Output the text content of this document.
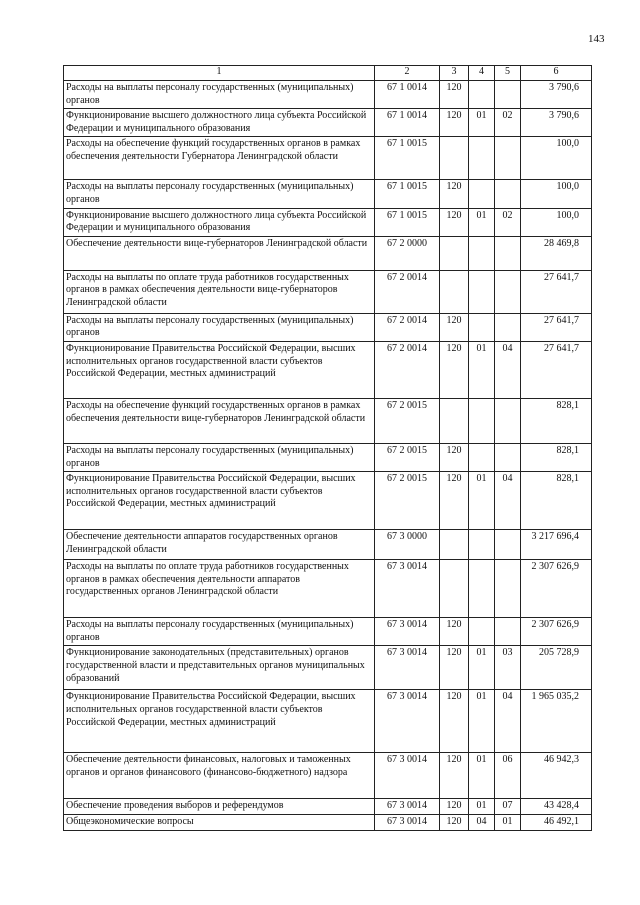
143
1	2	3	4	5	6
Расходы на выплаты персоналу государственных (муниципальных) органов	67 1 0014	120			3 790,6
Функционирование высшего должностного лица субъекта Российской Федерации и муниципального образования	67 1 0014	120	01	02	3 790,6
Расходы на обеспечение функций государственных органов в рамках обеспечения деятельности Губернатора Ленинградской области	67 1 0015				100,0
Расходы на выплаты персоналу государственных (муниципальных) органов	67 1 0015	120			100,0
Функционирование высшего должностного лица субъекта Российской Федерации и муниципального образования	67 1 0015	120	01	02	100,0
Обеспечение деятельности вице-губернаторов Ленинградской области	67 2 0000				28 469,8
Расходы на выплаты по оплате труда работников государственных органов в рамках обеспечения деятельности вице-губернаторов Ленинградской области	67 2 0014				27 641,7
Расходы на выплаты персоналу государственных (муниципальных) органов	67 2 0014	120			27 641,7
Функционирование Правительства Российской Федерации, высших исполнительных органов государственной власти субъектов Российской Федерации, местных администраций	67 2 0014	120	01	04	27 641,7
Расходы на обеспечение функций государственных органов в рамках обеспечения деятельности вице-губернаторов Ленинградской области	67 2 0015				828,1
Расходы на выплаты персоналу государственных (муниципальных) органов	67 2 0015	120			828,1
Функционирование Правительства Российской Федерации, высших исполнительных органов государственной власти субъектов Российской Федерации, местных администраций	67 2 0015	120	01	04	828,1
Обеспечение деятельности аппаратов государственных органов Ленинградской области	67 3 0000				3 217 696,4
Расходы на выплаты по оплате труда работников государственных органов в рамках обеспечения деятельности аппаратов государственных органов Ленинградской области	67 3 0014				2 307 626,9
Расходы на выплаты персоналу государственных (муниципальных) органов	67 3 0014	120			2 307 626,9
Функционирование законодательных (представительных) органов государственной власти и представительных органов муниципальных образований	67 3 0014	120	01	03	205 728,9
Функционирование Правительства Российской Федерации, высших исполнительных органов государственной власти субъектов Российской Федерации, местных администраций	67 3 0014	120	01	04	1 965 035,2
Обеспечение деятельности финансовых, налоговых и таможенных органов и органов финансового (финансово-бюджетного) надзора	67 3 0014	120	01	06	46 942,3
Обеспечение проведения выборов и референдумов	67 3 0014	120	01	07	43 428,4
Общеэкономические вопросы	67 3 0014	120	04	01	46 492,1
